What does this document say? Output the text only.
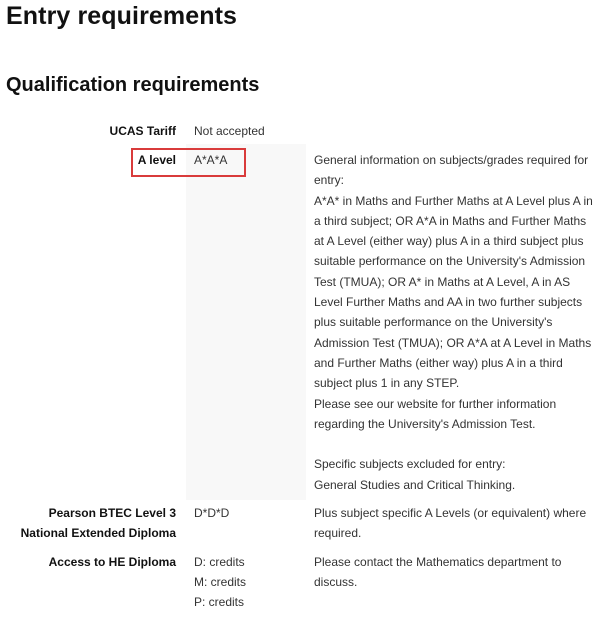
Entry requirements
Qualification requirements
UCAS Tariff Not accepted
A level A*A*A	General information on subjects/grades required for entry:

A*A* in Maths and Further Maths at A Level plus A in a third subject; OR A*A in Maths and Further Maths at A Level (either way) plus A in a third subject plus suitable performance on the University's Admission Test (TMUA); OR A* in Maths at A Level, A in AS Level Further Maths and AA in two further subjects plus suitable performance on the University's Admission Test (TMUA); OR A*A at A Level in Maths and Further Maths (either way) plus A in a third subject plus 1 in any STEP.

Please see our website for further information regarding the University's Admission Test.

Specific subjects excluded for entry:

General Studies and Critical Thinking.

Pearson BTEC Level 3 National Extended Diploma
D*D*D	Plus subject specific A Levels (or equivalent) where required.

Access to HE Diploma D: credits
M: credits
P: credits

Please contact the Mathematics department to discuss.
